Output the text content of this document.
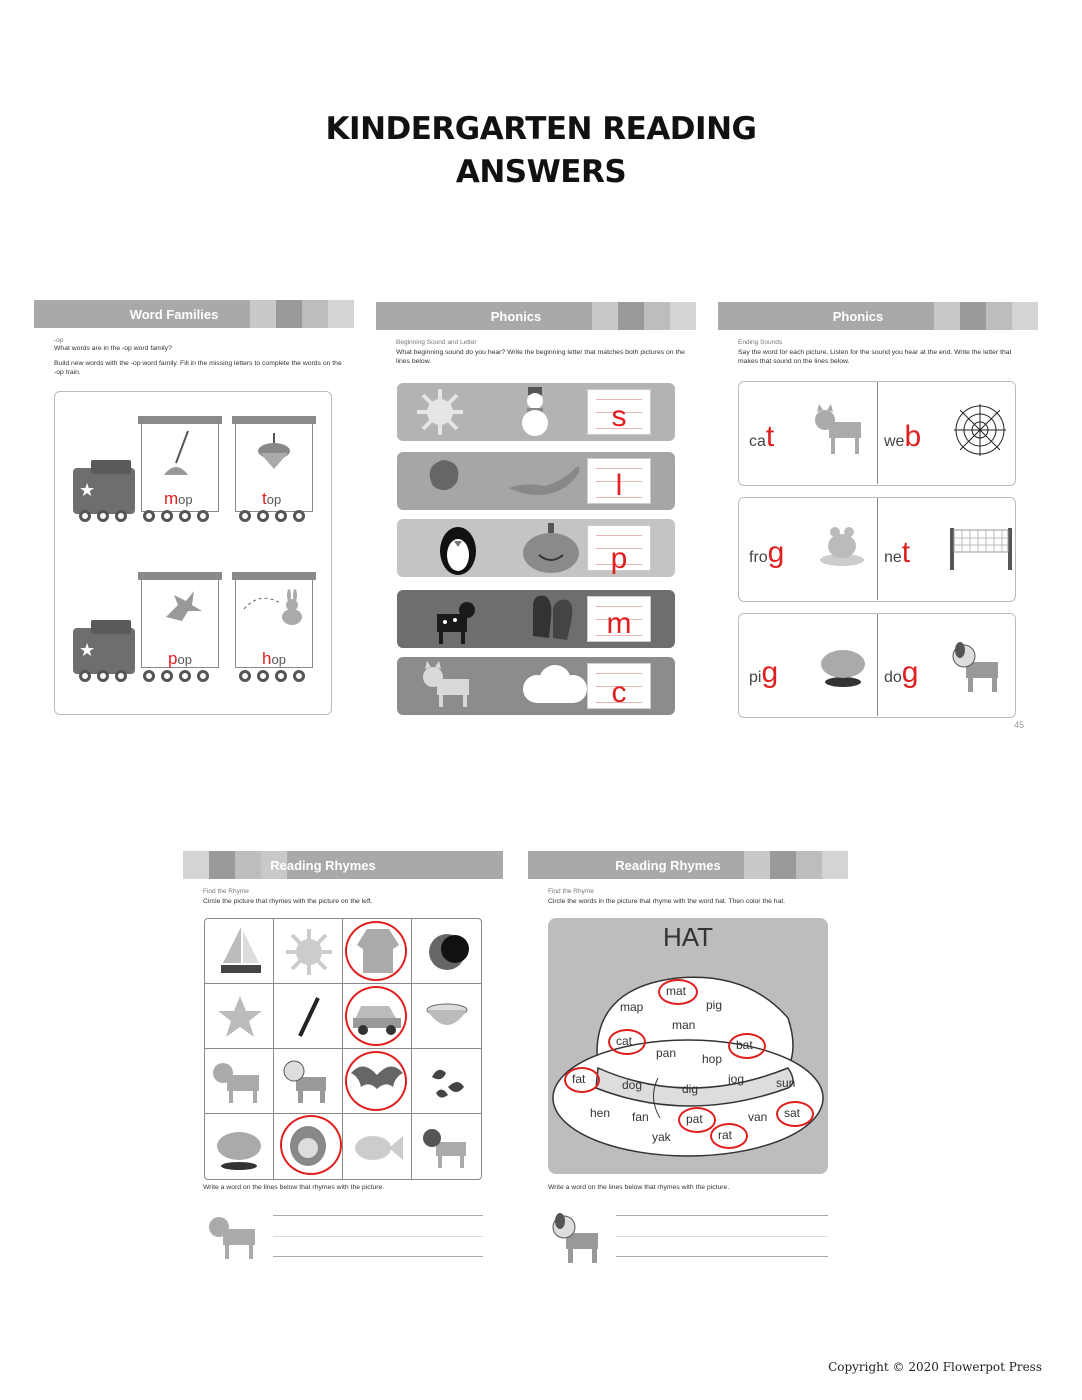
KINDERGARTEN READING
ANSWERS
Word Families
-op
What words are in the -op word family?
Build new words with the -op word family. Fill in the missing letters to complete the words on the -op train.
★	mop	top
★	pop	hop
Phonics
Beginning Sound and Letter
What beginning sound do you hear? Write the beginning letter that matches both pictures on the lines below.
s
l
p
m
c
Phonics
Ending Sounds
Say the word for each picture. Listen for the sound you hear at the end. Write the letter that makes that sound on the lines below.
cat	web
frog	net
pig	dog
45
Reading Rhymes
Find the Rhyme
Circle the picture that rhymes with the picture on the left.
Write a word on the lines below that rhymes with the picture.
Reading Rhymes
Find the Rhyme
Circle the words in the picture that rhyme with the word hat. Then color the hat.
HAT
mat
map	pig
man
cat
pan hop
bat
fat	dog	dig
jog	sun
hen fan	pat	van sat
yak	rat
Write a word on the lines below that rhymes with the picture.
Copyright © 2020 Flowerpot Press
